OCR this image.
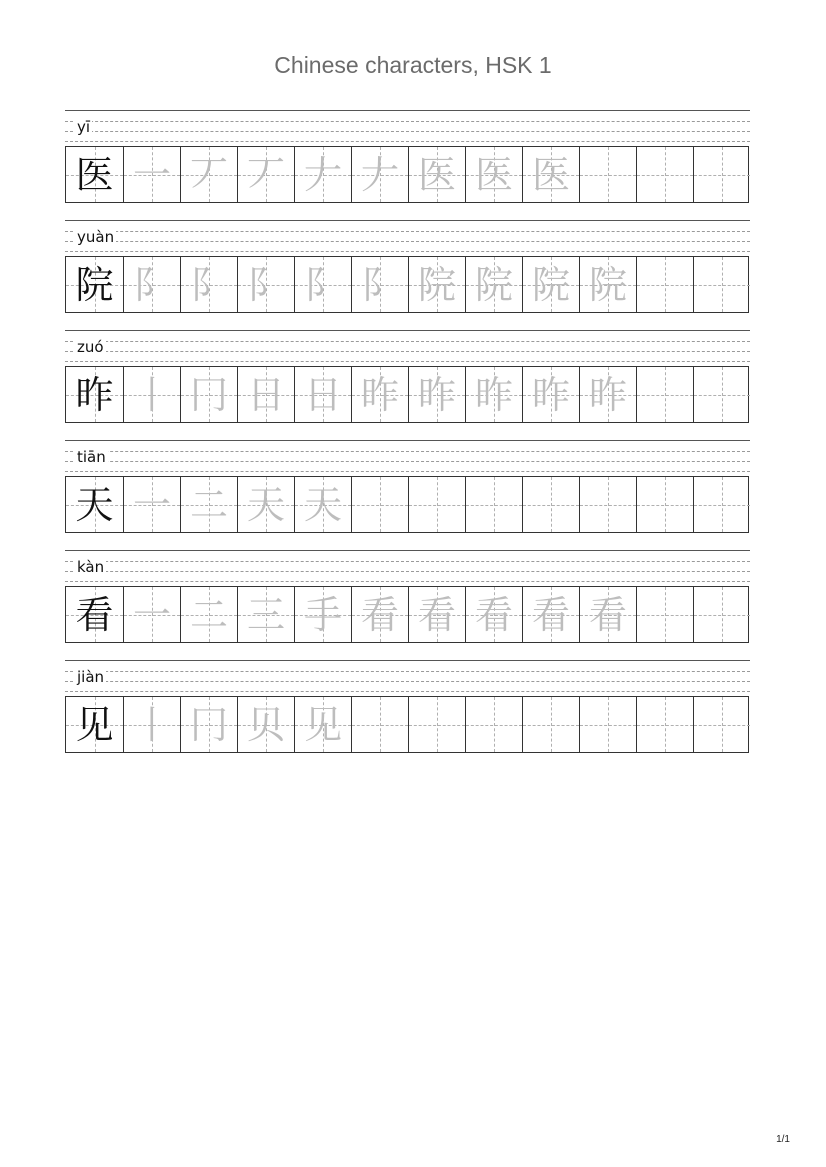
Chinese characters, HSK 1
yī
医 一 丆 丆 𠂇 𠂇 医 医 医
yuàn
院 阝 阝 阝 阝 阝 院 院 院 院
zuó
昨 丨 冂 日 日 昨 昨 昨 昨 昨
tiān
天 一 二 天 天
kàn
看 一 二 三 手 看 看 看 看 看
jiàn
见 丨 冂 贝 见
1/1
